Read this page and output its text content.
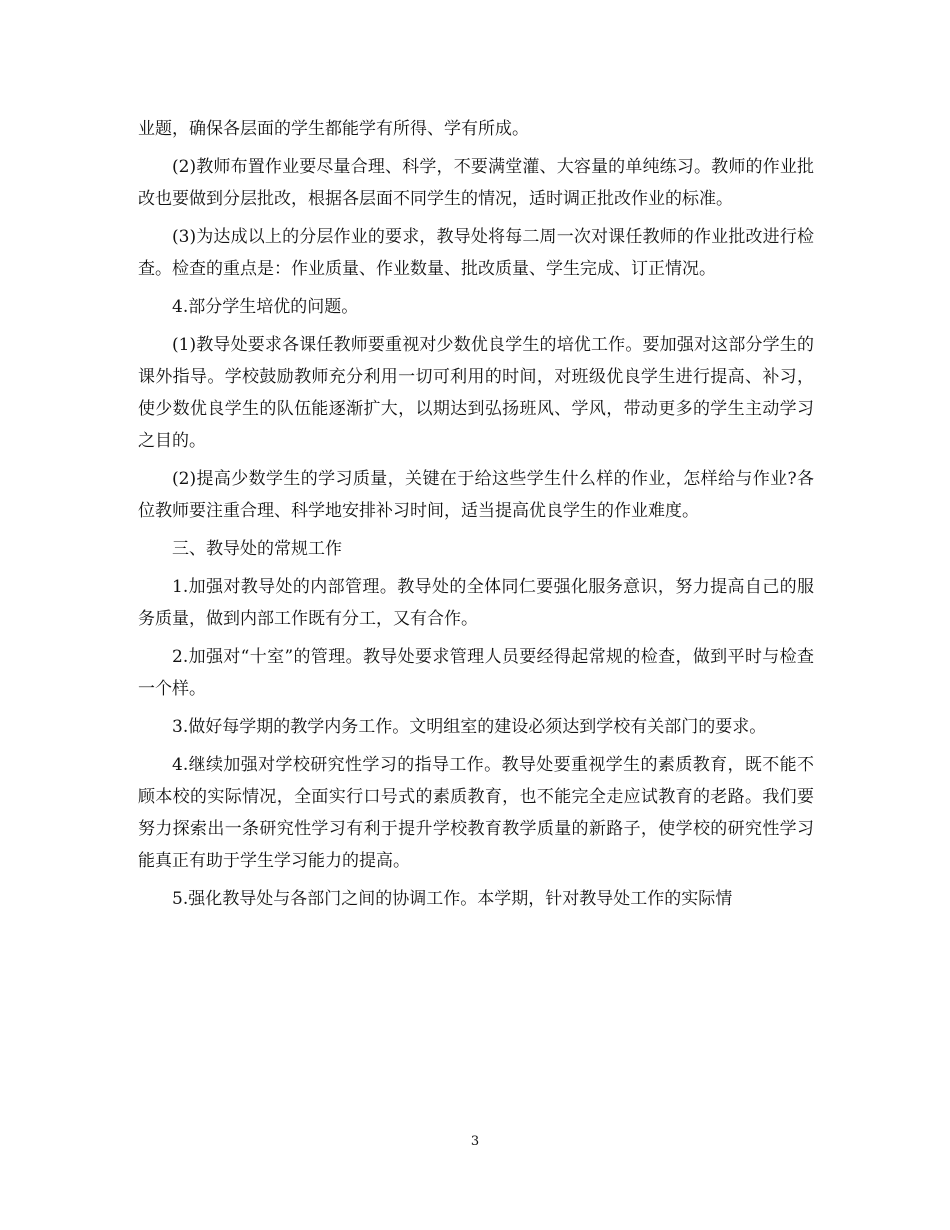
业题，确保各层面的学生都能学有所得、学有所成。

(2)教师布置作业要尽量合理、科学，不要满堂灌、大容量的单纯练习。教师的作业批改也要做到分层批改，根据各层面不同学生的情况，适时调正批改作业的标准。

(3)为达成以上的分层作业的要求，教导处将每二周一次对课任教师的作业批改进行检查。检查的重点是：作业质量、作业数量、批改质量、学生完成、订正情况。

4.部分学生培优的问题。

(1)教导处要求各课任教师要重视对少数优良学生的培优工作。要加强对这部分学生的课外指导。学校鼓励教师充分利用一切可利用的时间，对班级优良学生进行提高、补习，使少数优良学生的队伍能逐渐扩大，以期达到弘扬班风、学风，带动更多的学生主动学习之目的。

(2)提高少数学生的学习质量，关键在于给这些学生什么样的作业，怎样给与作业?各位教师要注重合理、科学地安排补习时间，适当提高优良学生的作业难度。

三、教导处的常规工作

1.加强对教导处的内部管理。教导处的全体同仁要强化服务意识，努力提高自己的服务质量，做到内部工作既有分工，又有合作。

2.加强对“十室”的管理。教导处要求管理人员要经得起常规的检查，做到平时与检查一个样。

3.做好每学期的教学内务工作。文明组室的建设必须达到学校有关部门的要求。

4.继续加强对学校研究性学习的指导工作。教导处要重视学生的素质教育，既不能不顾本校的实际情况，全面实行口号式的素质教育，也不能完全走应试教育的老路。我们要努力探索出一条研究性学习有利于提升学校教育教学质量的新路子，使学校的研究性学习能真正有助于学生学习能力的提高。

5.强化教导处与各部门之间的协调工作。本学期，针对教导处工作的实际情

3
